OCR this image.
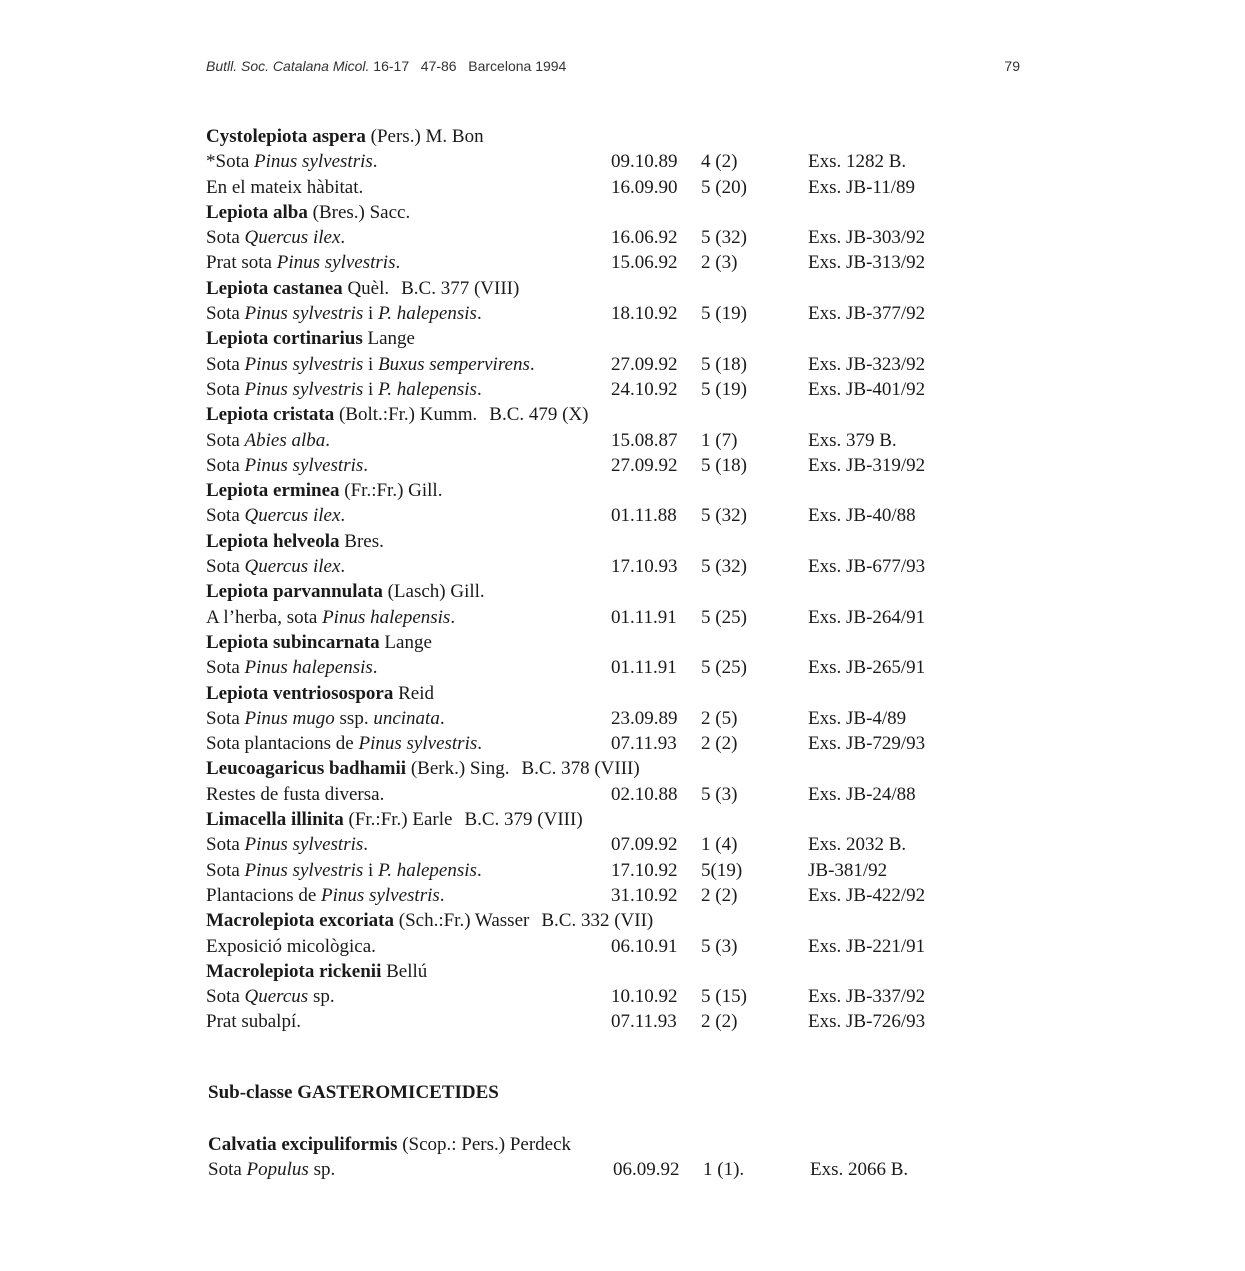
Butll. Soc. Catalana Micol. 16-17 47-86 Barcelona 1994	79
Cystolepiota aspera (Pers.) M. Bon
*Sota Pinus sylvestris.	09.10.89 4 (2)	Exs. 1282 B.
En el mateix hàbitat.	16.09.90 5 (20)	Exs. JB-11/89
Lepiota alba (Bres.) Sacc.
Sota Quercus ilex.	16.06.92 5 (32)	Exs. JB-303/92
Prat sota Pinus sylvestris.	15.06.92 2 (3)	Exs. JB-313/92
Lepiota castanea Quèl. B.C. 377 (VIII)
Sota Pinus sylvestris i P. halepensis.	18.10.92 5 (19)	Exs. JB-377/92
Lepiota cortinarius Lange
Sota Pinus sylvestris i Buxus sempervirens.	27.09.92 5 (18)	Exs. JB-323/92
Sota Pinus sylvestris i P. halepensis.	24.10.92 5 (19)	Exs. JB-401/92
Lepiota cristata (Bolt.:Fr.) Kumm. B.C. 479 (X)
Sota Abies alba.	15.08.87 1 (7)	Exs. 379 B.
Sota Pinus sylvestris.	27.09.92 5 (18)	Exs. JB-319/92
Lepiota erminea (Fr.:Fr.) Gill.
Sota Quercus ilex.	01.11.88 5 (32)	Exs. JB-40/88
Lepiota helveola Bres.
Sota Quercus ilex.	17.10.93 5 (32)	Exs. JB-677/93
Lepiota parvannulata (Lasch) Gill.
A l’herba, sota Pinus halepensis.	01.11.91 5 (25)	Exs. JB-264/91
Lepiota subincarnata Lange
Sota Pinus halepensis.	01.11.91 5 (25)	Exs. JB-265/91
Lepiota ventriosospora Reid
Sota Pinus mugo ssp. uncinata.	23.09.89 2 (5)	Exs. JB-4/89
Sota plantacions de Pinus sylvestris.	07.11.93 2 (2)	Exs. JB-729/93
Leucoagaricus badhamii (Berk.) Sing. B.C. 378 (VIII)
Restes de fusta diversa.	02.10.88 5 (3)	Exs. JB-24/88
Limacella illinita (Fr.:Fr.) Earle B.C. 379 (VIII)
Sota Pinus sylvestris.	07.09.92 1 (4)	Exs. 2032 B.
Sota Pinus sylvestris i P. halepensis.	17.10.92 5(19)	JB-381/92
Plantacions de Pinus sylvestris.	31.10.92 2 (2)	Exs. JB-422/92
Macrolepiota excoriata (Sch.:Fr.) Wasser B.C. 332 (VII)
Exposició micològica.	06.10.91 5 (3)	Exs. JB-221/91
Macrolepiota rickenii Bellú
Sota Quercus sp.	10.10.92 5 (15)	Exs. JB-337/92
Prat subalpí.	07.11.93 2 (2)	Exs. JB-726/93
Sub-classe GASTEROMICETIDES
Calvatia excipuliformis (Scop.: Pers.) Perdeck
Sota Populus sp.	06.09.92 1 (1).	Exs. 2066 B.
